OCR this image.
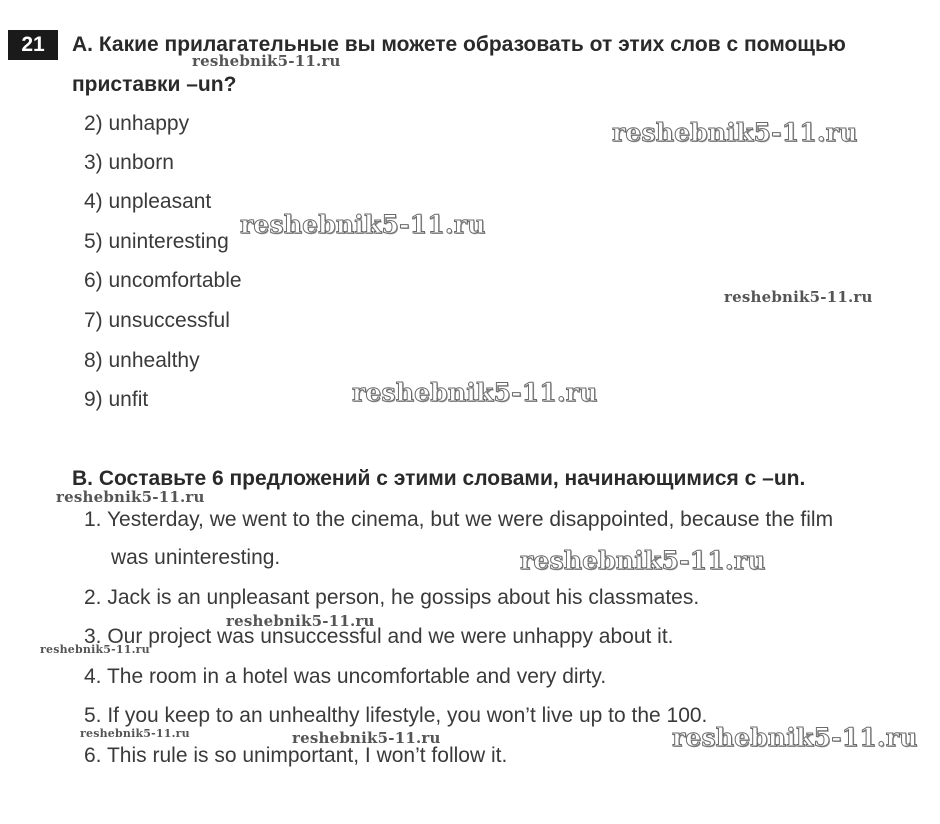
21	A. Какие прилагательные вы можете образовать от этих слов с помощью
приставки –un?
2) unhappy
3) unborn
4) unpleasant
5) uninteresting
6) uncomfortable
7) unsuccessful
8) unhealthy
9) unfit
B. Составьте 6 предложений с этими словами, начинающимися с –un.
1. Yesterday, we went to the cinema, but we were disappointed, because the film
was uninteresting.
2. Jack is an unpleasant person, he gossips about his classmates.
3. Our project was unsuccessful and we were unhappy about it.
4. The room in a hotel was uncomfortable and very dirty.
5. If you keep to an unhealthy lifestyle, you won’t live up to the 100.
6. This rule is so unimportant, I won’t follow it.
reshebnik5-11.ru
reshebnik5-11.ru
reshebnik5-11.ru
reshebnik5-11.ru
reshebnik5-11.ru
reshebnik5-11.ru
reshebnik5-11.ru
reshebnik5-11.ru
reshebnik5-11.ru
reshebnik5-11.ru	reshebnik5-11.ru	reshebnik5-11.ru
